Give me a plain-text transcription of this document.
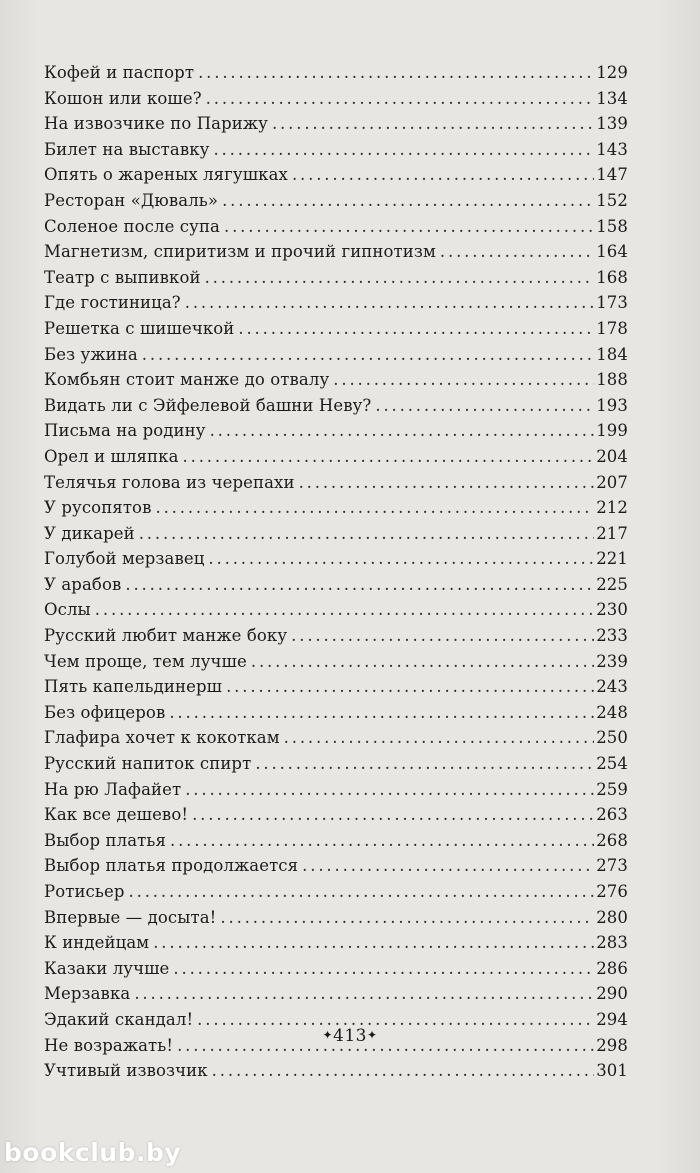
Кофей и паспорт . . .	129
Кошон или коше? . . .	134
На извозчике по Парижу . . .	139
Билет на выставку . . .	143
Опять о жареных лягушках . . .	147
Ресторан «Дюваль» . . .	152
Соленое после супа . . .	158
Магнетизм, спиритизм и прочий гипнотизм . . .	164
Театр с выпивкой . . .	168
Где гостиница? . . .	173
Решетка с шишечкой . . .	178
Без ужина . . .	184
Комбьян стоит манже до отвалу . . .	188
Видать ли с Эйфелевой башни Неву? . . .	193
Письма на родину . . .	199
Орел и шляпка . . .	204
Телячья голова из черепахи . . .	207
У русопятов . . .	212
У дикарей . . .	217
Голубой мерзавец . . .	221
У арабов . . .	225
Ослы . . .	230
Русский любит манже боку . . .	233
Чем проще, тем лучше . . .	239
Пять капельдинерш . . .	243
Без офицеров . . .	248
Глафира хочет к кокоткам . . .	250
Русский напиток спирт . . .	254
На рю Лафайет . . .	259
Как все дешево! . . .	263
Выбор платья . . .	268
Выбор платья продолжается . . .	273
Ротисьер . . .	276
Впервые — досыта! . . .	280
К индейцам . . .	283
Казаки лучше . . .	286
Мерзавка . . .	290
Эдакий скандал! . . .	294
Не возражать! . . .	298
Учтивый извозчик . . .	301
✦413✦
bookclub.by
